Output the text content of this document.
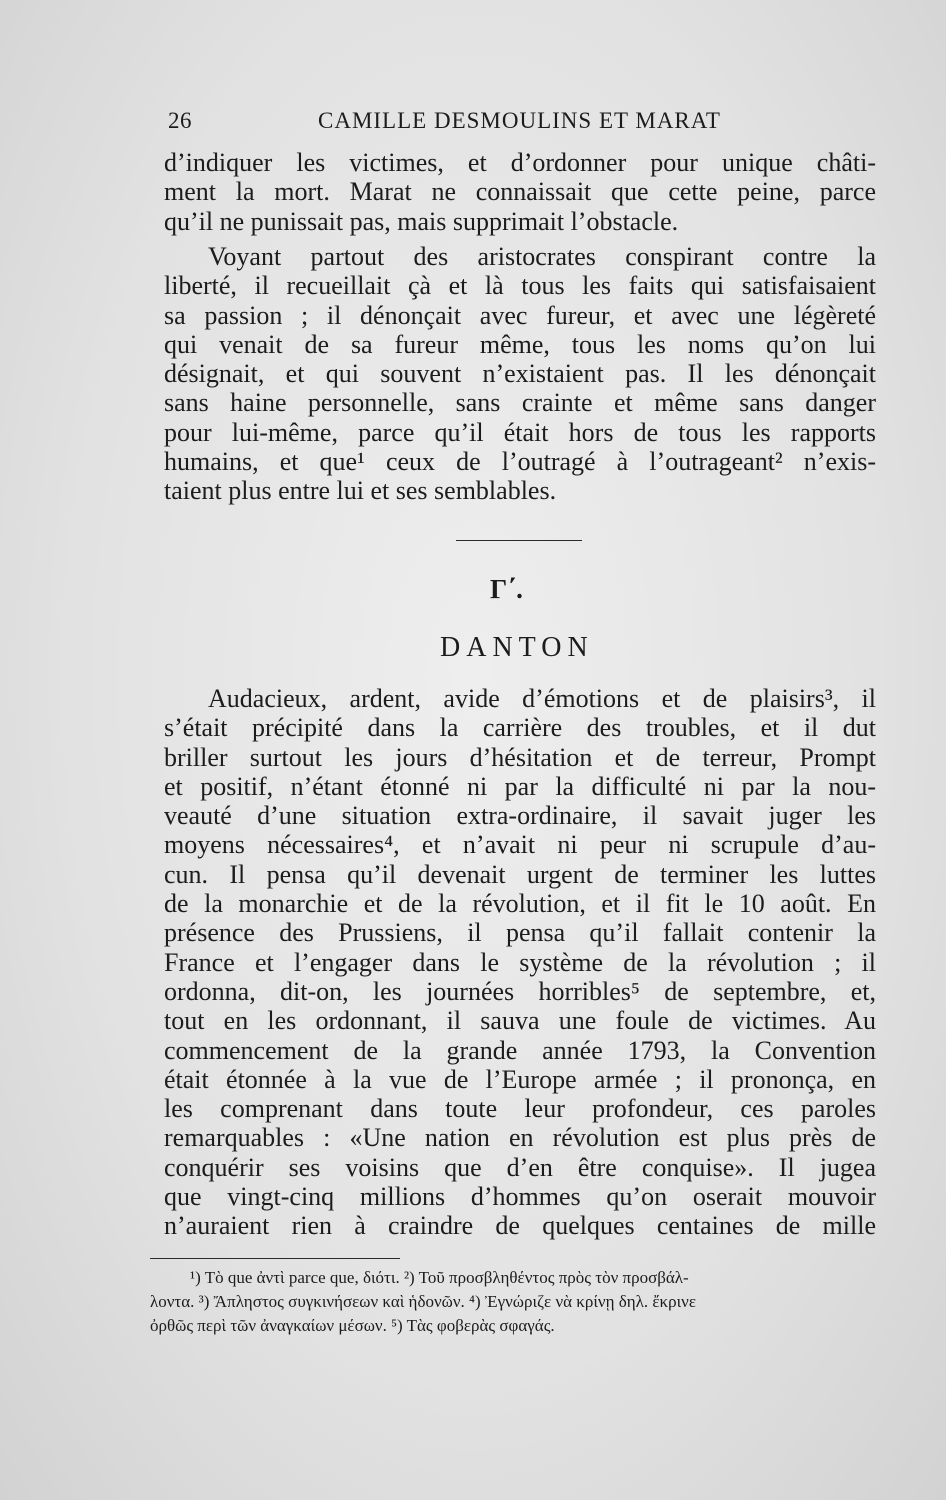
26	CAMILLE DESMOULINS ET MARAT
d’indiquer les victimes, et d’ordonner pour unique châti-
ment la mort. Marat ne connaissait que cette peine, parce
qu’il ne punissait pas, mais supprimait l’obstacle.
Voyant partout des aristocrates conspirant contre la
liberté, il recueillait çà et là tous les faits qui satisfaisaient
sa passion ; il dénonçait avec fureur, et avec une légèreté
qui venait de sa fureur même, tous les noms qu’on lui
désignait, et qui souvent n’existaient pas. Il les dénonçait
sans haine personnelle, sans crainte et même sans danger
pour lui-même, parce qu’il était hors de tous les rapports
humains, et que¹ ceux de l’outragé à l’outrageant² n’exis-
taient plus entre lui et ses semblables.
Γ΄.
DANTON
Audacieux, ardent, avide d’émotions et de plaisirs³, il
s’était précipité dans la carrière des troubles, et il dut
briller surtout les jours d’hésitation et de terreur, Prompt
et positif, n’étant étonné ni par la difficulté ni par la nou-
veauté d’une situation extra-ordinaire, il savait juger les
moyens nécessaires⁴, et n’avait ni peur ni scrupule d’au-
cun. Il pensa qu’il devenait urgent de terminer les luttes
de la monarchie et de la révolution, et il fit le 10 août. En
présence des Prussiens, il pensa qu’il fallait contenir la
France et l’engager dans le système de la révolution ; il
ordonna, dit-on, les journées horribles⁵ de septembre, et,
tout en les ordonnant, il sauva une foule de victimes. Au
commencement de la grande année 1793, la Convention
était étonnée à la vue de l’Europe armée ; il prononça, en
les comprenant dans toute leur profondeur, ces paroles
remarquables : «Une nation en révolution est plus près de
conquérir ses voisins que d’en être conquise». Il jugea
que vingt-cinq millions d’hommes qu’on oserait mouvoir
n’auraient rien à craindre de quelques centaines de mille
¹) Τὸ que ἀντὶ parce que, διότι. ²) Τοῦ προσβληθέντος πρὸς τὸν προσβάλ-
λοντα. ³) Ἄπληστος συγκινήσεων καὶ ἡδονῶν. ⁴) Ἐγνώριζε νὰ κρίνῃ δηλ. ἔκρινε
ὀρθῶς περὶ τῶν ἀναγκαίων μέσων. ⁵) Τὰς φοβερὰς σφαγάς.
